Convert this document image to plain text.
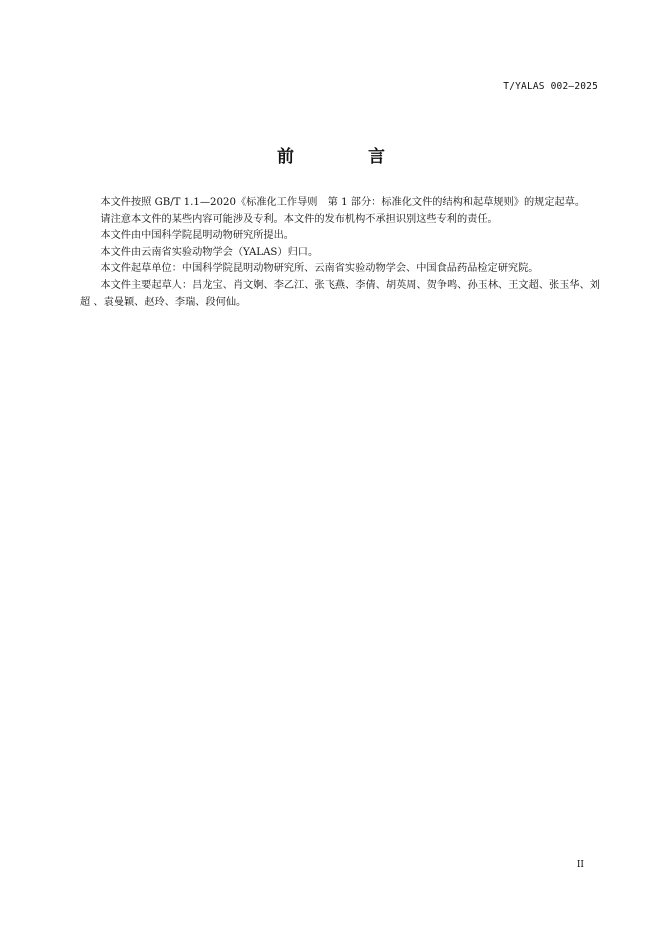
T/YALAS 002—2025
前 言

本文件按照 GB/T 1.1—2020《标准化工作导则　第 1 部分：标准化文件的结构和起草规则》的规定起草。

请注意本文件的某些内容可能涉及专利。本文件的发布机构不承担识别这些专利的责任。

本文件由中国科学院昆明动物研究所提出。

本文件由云南省实验动物学会（YALAS）归口。

本文件起草单位：中国科学院昆明动物研究所、云南省实验动物学会、中国食品药品检定研究院。

本文件主要起草人：吕龙宝、肖文婀、李乙江、张飞燕、李倩、胡英周、贺争鸣、孙玉林、王文超、张玉华、刘超 、袁曼颖、赵玲、李瑞、段何仙。

II
